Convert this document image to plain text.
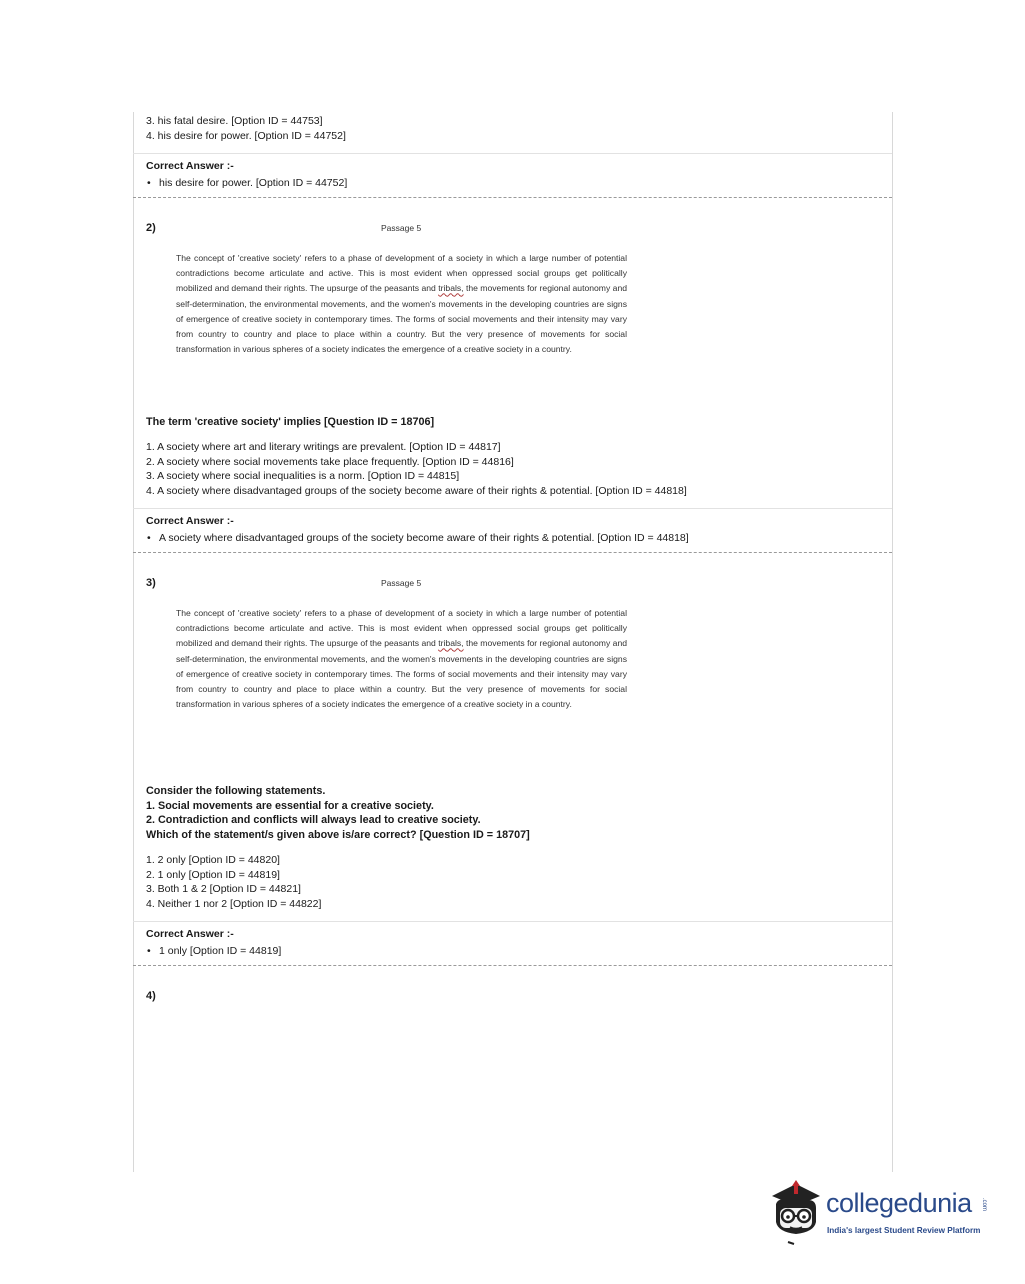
3. his fatal desire. [Option ID = 44753]
4. his desire for power. [Option ID = 44752]
Correct Answer :-
• his desire for power. [Option ID = 44752]
2)	Passage 5
The concept of 'creative society' refers to a phase of development of a society in which a large number of potential contradictions become articulate and active. This is most evident when oppressed social groups get politically mobilized and demand their rights. The upsurge of the peasants and tribals, the movements for regional autonomy and self-determination, the environmental movements, and the women's movements in the developing countries are signs of emergence of creative society in contemporary times. The forms of social movements and their intensity may vary from country to country and place to place within a country. But the very presence of movements for social transformation in various spheres of a society indicates the emergence of a creative society in a country.
The term 'creative society' implies [Question ID = 18706]
1. A society where art and literary writings are prevalent. [Option ID = 44817]
2. A society where social movements take place frequently. [Option ID = 44816]
3. A society where social inequalities is a norm. [Option ID = 44815]
4. A society where disadvantaged groups of the society become aware of their rights & potential. [Option ID = 44818]
Correct Answer :-
• A society where disadvantaged groups of the society become aware of their rights & potential. [Option ID = 44818]
3)	Passage 5
The concept of 'creative society' refers to a phase of development of a society in which a large number of potential contradictions become articulate and active. This is most evident when oppressed social groups get politically mobilized and demand their rights. The upsurge of the peasants and tribals, the movements for regional autonomy and self-determination, the environmental movements, and the women's movements in the developing countries are signs of emergence of creative society in contemporary times. The forms of social movements and their intensity may vary from country to country and place to place within a country. But the very presence of movements for social transformation in various spheres of a society indicates the emergence of a creative society in a country.
Consider the following statements.
1. Social movements are essential for a creative society.
2. Contradiction and conflicts will always lead to creative society.
Which of the statement/s given above is/are correct? [Question ID = 18707]
1. 2 only [Option ID = 44820]
2. 1 only [Option ID = 44819]
3. Both 1 & 2 [Option ID = 44821]
4. Neither 1 nor 2 [Option ID = 44822]
Correct Answer :-
• 1 only [Option ID = 44819]
4)
collegedunia .com
India's largest Student Review Platform
